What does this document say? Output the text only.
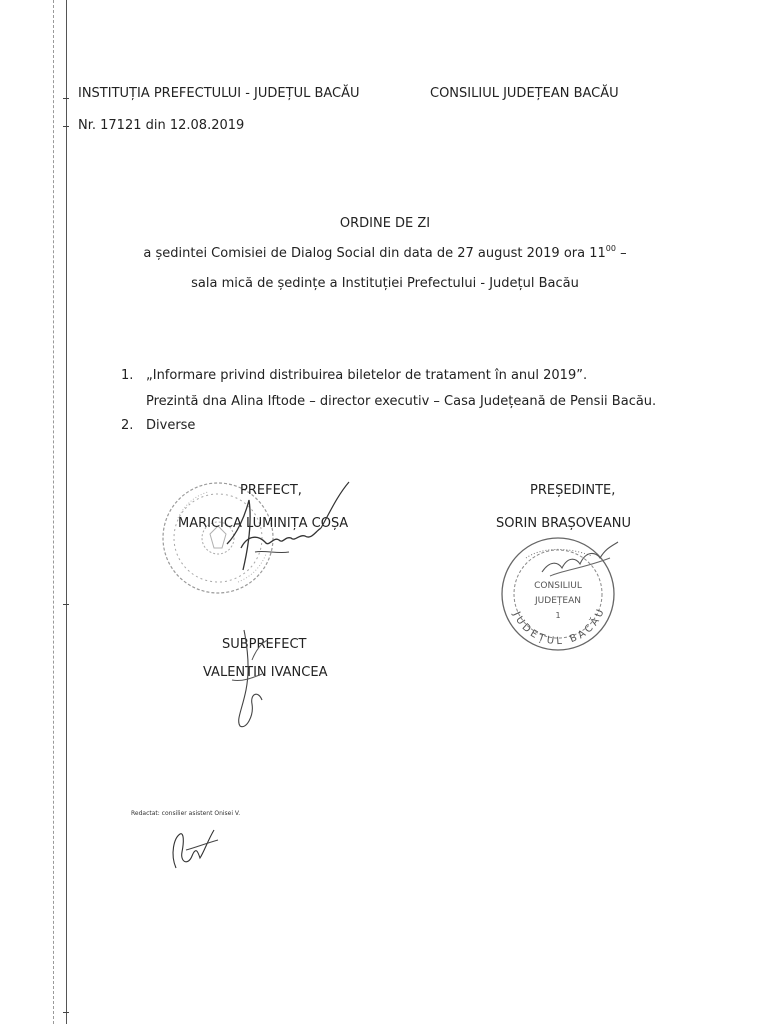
INSTITUȚIA PREFECTULUI - JUDEȚUL BACĂU	CONSILIUL JUDEȚEAN BACĂU
Nr. 17121 din 12.08.2019
ORDINE DE ZI
a ședintei Comisiei de Dialog Social din data de 27 august 2019 ora $11^{00}$ –
sala mică de ședințe a Instituției Prefectului - Județul Bacău
1. „Informare privind distribuirea biletelor de tratament în anul 2019”.
Prezintă dna Alina Iftode – director executiv – Casa Județeană de Pensii Bacău.
2. Diverse
PREFECT,
MARICICA LUMINIȚA COȘA
PREȘEDINTE,
SORIN BRAȘOVEANU
JUDEȚUL BACĂU
CONSILIUL
JUDEȚEAN
1
SUBPREFECT
VALENTIN IVANCEA
Redactat: consilier asistent Onisei V.
